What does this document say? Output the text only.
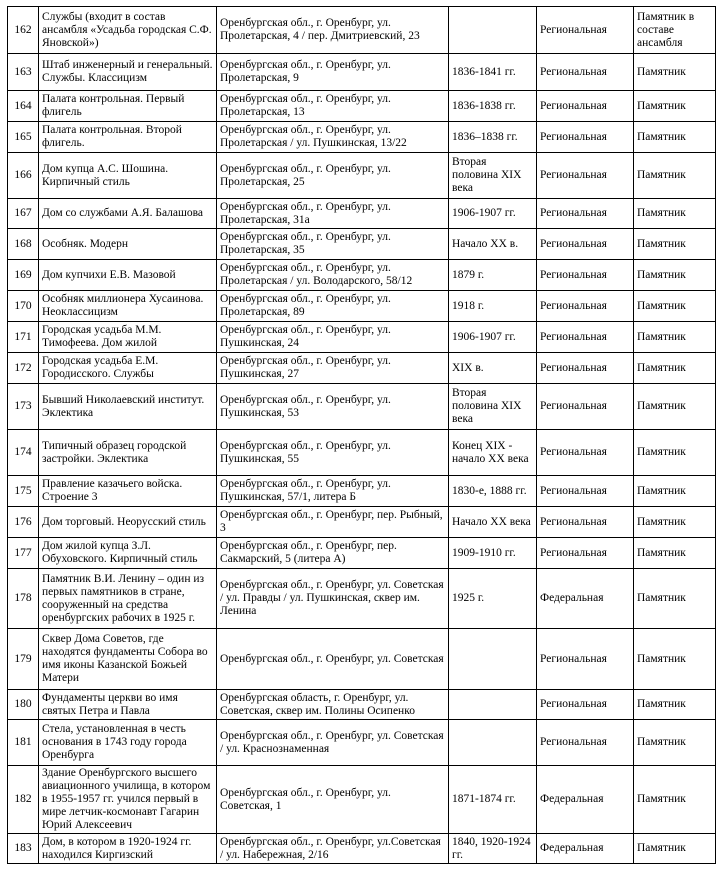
162	Службы (входит в состав ансамбля «Усадьба городская С.Ф. Яновской»)	Оренбургская обл., г. Оренбург, ул. Пролетарская, 4 / пер. Дмитриевский, 23		Региональная	Памятник в составе ансамбля
163	Штаб инженерный и генеральный. Службы. Классицизм	Оренбургская обл., г. Оренбург, ул. Пролетарская, 9	1836-1841 гг.	Региональная	Памятник
164	Палата контрольная. Первый флигель	Оренбургская обл., г. Оренбург, ул. Пролетарская, 13	1836-1838 гг.	Региональная	Памятник
165	Палата контрольная. Второй флигель.	Оренбургская обл., г. Оренбург, ул. Пролетарская / ул. Пушкинская, 13/22	1836–1838 гг.	Региональная	Памятник
166	Дом купца А.С. Шошина. Кирпичный стиль	Оренбургская обл., г. Оренбург, ул. Пролетарская, 25	Вторая половина XIX века	Региональная	Памятник
167	Дом со службами А.Я. Балашова	Оренбургская обл., г. Оренбург, ул. Пролетарская, 31а	1906-1907 гг.	Региональная	Памятник
168	Особняк. Модерн	Оренбургская обл., г. Оренбург, ул. Пролетарская, 35	Начало XX в.	Региональная	Памятник
169	Дом купчихи Е.В. Мазовой	Оренбургская обл., г. Оренбург, ул. Пролетарская / ул. Володарского, 58/12	1879 г.	Региональная	Памятник
170	Особняк миллионера Хусаинова. Неоклассицизм	Оренбургская обл., г. Оренбург, ул. Пролетарская, 89	1918 г.	Региональная	Памятник
171	Городская усадьба М.М. Тимофеева. Дом жилой	Оренбургская обл., г. Оренбург, ул. Пушкинская, 24	1906-1907 гг.	Региональная	Памятник
172	Городская усадьба Е.М. Городисского. Службы	Оренбургская обл., г. Оренбург, ул. Пушкинская, 27	XIX в.	Региональная	Памятник
173	Бывший Николаевский институт. Эклектика	Оренбургская обл., г. Оренбург, ул. Пушкинская, 53	Вторая половина XIX века	Региональная	Памятник
174	Типичный образец городской застройки. Эклектика	Оренбургская обл., г. Оренбург, ул. Пушкинская, 55	Конец XIX - начало XX века	Региональная	Памятник
175	Правление казачьего войска. Строение 3	Оренбургская обл., г. Оренбург, ул. Пушкинская, 57/1, литера Б	1830-е, 1888 гг.	Региональная	Памятник
176	Дом торговый. Неорусский стиль	Оренбургская обл., г. Оренбург, пер. Рыбный, 3	Начало XX века	Региональная	Памятник
177	Дом жилой купца З.Л. Обуховского. Кирпичный стиль	Оренбургская обл., г. Оренбург, пер. Сакмарский, 5 (литера А)	1909-1910 гг.	Региональная	Памятник
178	Памятник В.И. Ленину – один из первых памятников в стране, сооруженный на средства оренбургских рабочих в 1925 г.	Оренбургская обл., г. Оренбург, ул. Советская / ул. Правды / ул. Пушкинская, сквер им. Ленина	1925 г.	Федеральная	Памятник
179	Сквер Дома Советов, где находятся фундаменты Собора во имя иконы Казанской Божьей Матери	Оренбургская обл., г. Оренбург, ул. Советская		Региональная	Памятник
180	Фундаменты церкви во имя святых Петра и Павла	Оренбургская область, г. Оренбург, ул. Советская, сквер им. Полины Осипенко		Региональная	Памятник
181	Стела, установленная в честь основания в 1743 году города Оренбурга	Оренбургская обл., г. Оренбург, ул. Советская / ул. Краснознаменная		Региональная	Памятник
182	Здание Оренбургского высшего авиационного училища, в котором в 1955-1957 гг. учился первый в мире летчик-космонавт Гагарин Юрий Алексеевич	Оренбургская обл., г. Оренбург, ул. Советская, 1	1871-1874 гг.	Федеральная	Памятник
183	Дом, в котором в 1920-1924 гг. находился Киргизский	Оренбургская обл., г. Оренбург, ул.Советская / ул. Набережная, 2/16	1840, 1920-1924 гг.	Федеральная	Памятник
